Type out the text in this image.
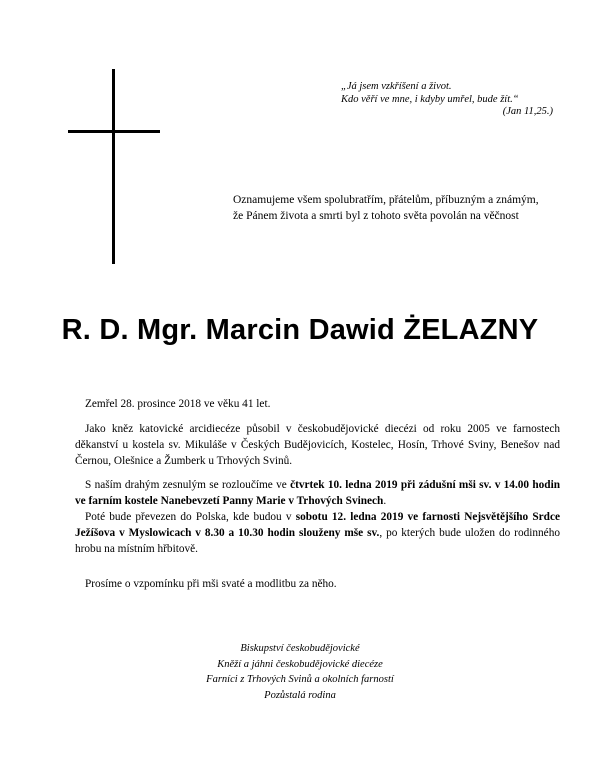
„Já jsem vzkříšení a život.
Kdo věří ve mne, i kdyby umřel, bude žít.“
(Jan 11,25.)
Oznamujeme všem spolubratřím, přátelům, příbuzným a známým,
že Pánem života a smrti byl z tohoto světa povolán na věčnost
R. D. Mgr. Marcin Dawid ŻELAZNY

Zemřel 28. prosince 2018 ve věku 41 let.

Jako kněz katovické arcidiecéze působil v českobudějovické diecézi od roku 2005 ve farnostech děkanství u kostela sv. Mikuláše v Českých Budějovicích, Kostelec, Hosín, Trhové Sviny, Benešov nad Černou, Olešnice a Žumberk u Trhových Svinů.

S naším drahým zesnulým se rozloučíme ve čtvrtek 10. ledna 2019 při zádušní mši sv. v 14.00 hodin ve farním kostele Nanebevzetí Panny Marie v Trhových Svinech.

Poté bude převezen do Polska, kde budou v sobotu 12. ledna 2019 ve farnosti Nejsvětějšího Srdce Ježíšova v Myslowicach v 8.30 a 10.30 hodin slouženy mše sv., po kterých bude uložen do rodinného hrobu na místním hřbitově.

Prosíme o vzpomínku při mši svaté a modlitbu za něho.

Biskupství českobudějovické
Kněží a jáhni českobudějovické diecéze
Farníci z Trhových Svinů a okolních farností
Pozůstalá rodina
